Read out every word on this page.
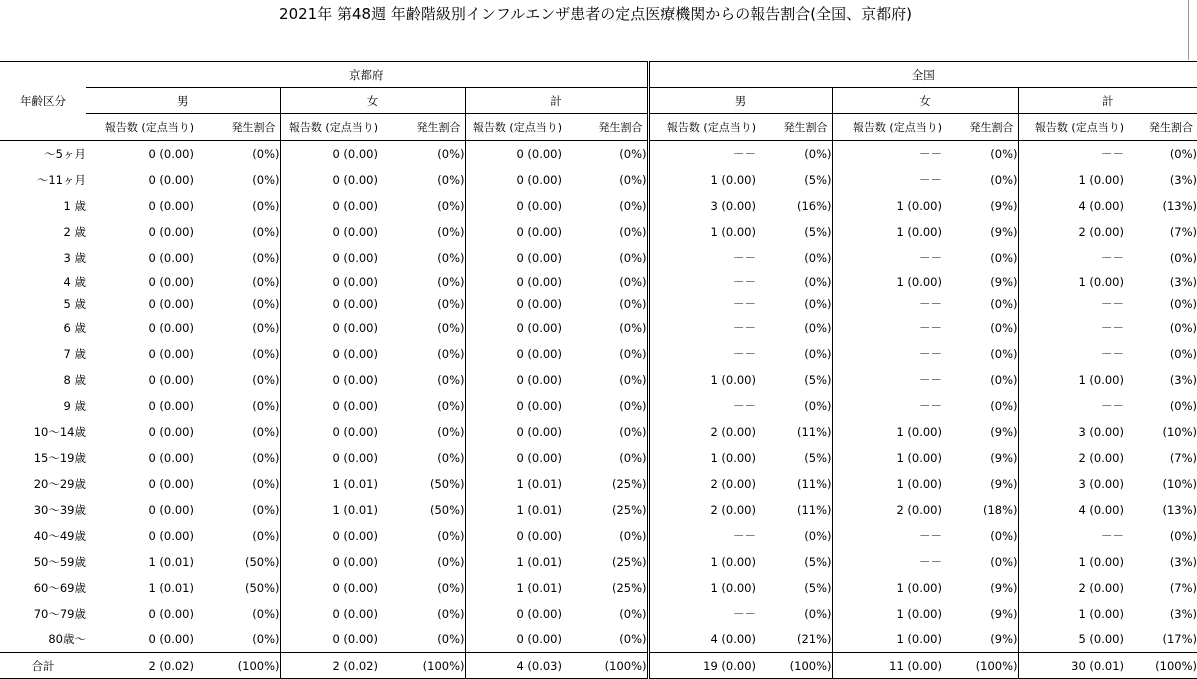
2021年 第48週 年齢階級別インフルエンザ患者の定点医療機関からの報告割合(全国、京都府)
	京都府						全国					
年齢区分	男		女		計		男		女		計	
	報告数 (定点当り)	発生割合	報告数 (定点当り)	発生割合	報告数 (定点当り)	発生割合	報告数 (定点当り)	発生割合	報告数 (定点当り)	発生割合	報告数 (定点当り)	発生割合
〜5ヶ月	0 (0.00)	(0%)	0 (0.00)	(0%)	0 (0.00)	(0%)	－－	(0%)	－－	(0%)	－－	(0%)
〜11ヶ月	0 (0.00)	(0%)	0 (0.00)	(0%)	0 (0.00)	(0%)	1 (0.00)	(5%)	－－	(0%)	1 (0.00)	(3%)
1 歳	0 (0.00)	(0%)	0 (0.00)	(0%)	0 (0.00)	(0%)	3 (0.00)	(16%)	1 (0.00)	(9%)	4 (0.00)	(13%)
2 歳	0 (0.00)	(0%)	0 (0.00)	(0%)	0 (0.00)	(0%)	1 (0.00)	(5%)	1 (0.00)	(9%)	2 (0.00)	(7%)
3 歳	0 (0.00)	(0%)	0 (0.00)	(0%)	0 (0.00)	(0%)	－－	(0%)	－－	(0%)	－－	(0%)
4 歳	0 (0.00)	(0%)	0 (0.00)	(0%)	0 (0.00)	(0%)	－－	(0%)	1 (0.00)	(9%)	1 (0.00)	(3%)
5 歳	0 (0.00)	(0%)	0 (0.00)	(0%)	0 (0.00)	(0%)	－－	(0%)	－－	(0%)	－－	(0%)
6 歳	0 (0.00)	(0%)	0 (0.00)	(0%)	0 (0.00)	(0%)	－－	(0%)	－－	(0%)	－－	(0%)
7 歳	0 (0.00)	(0%)	0 (0.00)	(0%)	0 (0.00)	(0%)	－－	(0%)	－－	(0%)	－－	(0%)
8 歳	0 (0.00)	(0%)	0 (0.00)	(0%)	0 (0.00)	(0%)	1 (0.00)	(5%)	－－	(0%)	1 (0.00)	(3%)
9 歳	0 (0.00)	(0%)	0 (0.00)	(0%)	0 (0.00)	(0%)	－－	(0%)	－－	(0%)	－－	(0%)
10〜14歳	0 (0.00)	(0%)	0 (0.00)	(0%)	0 (0.00)	(0%)	2 (0.00)	(11%)	1 (0.00)	(9%)	3 (0.00)	(10%)
15〜19歳	0 (0.00)	(0%)	0 (0.00)	(0%)	0 (0.00)	(0%)	1 (0.00)	(5%)	1 (0.00)	(9%)	2 (0.00)	(7%)
20〜29歳	0 (0.00)	(0%)	1 (0.01)	(50%)	1 (0.01)	(25%)	2 (0.00)	(11%)	1 (0.00)	(9%)	3 (0.00)	(10%)
30〜39歳	0 (0.00)	(0%)	1 (0.01)	(50%)	1 (0.01)	(25%)	2 (0.00)	(11%)	2 (0.00)	(18%)	4 (0.00)	(13%)
40〜49歳	0 (0.00)	(0%)	0 (0.00)	(0%)	0 (0.00)	(0%)	－－	(0%)	－－	(0%)	－－	(0%)
50〜59歳	1 (0.01)	(50%)	0 (0.00)	(0%)	1 (0.01)	(25%)	1 (0.00)	(5%)	－－	(0%)	1 (0.00)	(3%)
60〜69歳	1 (0.01)	(50%)	0 (0.00)	(0%)	1 (0.01)	(25%)	1 (0.00)	(5%)	1 (0.00)	(9%)	2 (0.00)	(7%)
70〜79歳	0 (0.00)	(0%)	0 (0.00)	(0%)	0 (0.00)	(0%)	－－	(0%)	1 (0.00)	(9%)	1 (0.00)	(3%)
80歳〜	0 (0.00)	(0%)	0 (0.00)	(0%)	0 (0.00)	(0%)	4 (0.00)	(21%)	1 (0.00)	(9%)	5 (0.00)	(17%)
合計	2 (0.02)	(100%)	2 (0.02)	(100%)	4 (0.03)	(100%)	19 (0.00)	(100%)	11 (0.00)	(100%)	30 (0.01)	(100%)
